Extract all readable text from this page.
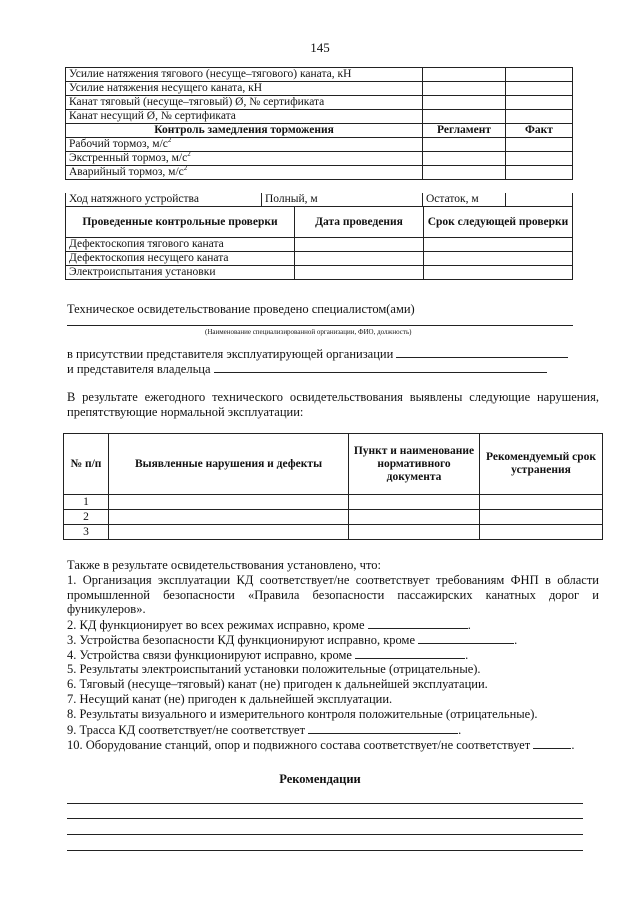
145
Усилие натяжения тягового (несуще–тягового) каната, кН		
Усилие натяжения несущего каната, кН		
Канат тяговый (несуще–тяговый) Ø, № сертификата		
Канат несущий Ø, № сертификата		
Контроль замедления торможения	Регламент	Факт
Рабочий тормоз, $м/с^2$		
Экстренный тормоз, $м/с^2$		
Аварийный тормоз, $м/с^2$		
Ход натяжного устройства	Полный, м	Остаток, м	
Проведенные контрольные проверки	Дата проведения	Срок следующей проверки
Дефектоскопия тягового каната		
Дефектоскопия несущего каната		
Электроиспытания установки		
Техническое освидетельствование проведено специалистом(ами)
(Наименование специализированной организации, ФИО, должность)
в присутствии представителя эксплуатирующей организации
и представителя владельца
В результате ежегодного технического освидетельствования выявлены следующие нарушения, препятствующие нормальной эксплуатации:
№ п/п	Выявленные нарушения и дефекты	Пункт и наименование нормативного документа	Рекомендуемый срок устранения
1			
2			
3			
Также в результате освидетельствования установлено, что:
1. Организация эксплуатации КД соответствует/не соответствует требованиям ФНП в области промышленной безопасности «Правила безопасности пассажирских канатных дорог и фуникулеров».
2. КД функционирует во всех режимах исправно, кроме	.
3. Устройства безопасности КД функционируют исправно, кроме	.
4. Устройства связи функционируют исправно, кроме	.
5. Результаты электроиспытаний установки положительные (отрицательные).
6. Тяговый (несуще–тяговый) канат (не) пригоден к дальнейшей эксплуатации.
7. Несущий канат (не) пригоден к дальнейшей эксплуатации.
8. Результаты визуального и измерительного контроля положительные (отрицательные).
9. Трасса КД соответствует/не соответствует	.
10. Оборудование станций, опор и подвижного состава соответствует/не соответствует	.
Рекомендации
